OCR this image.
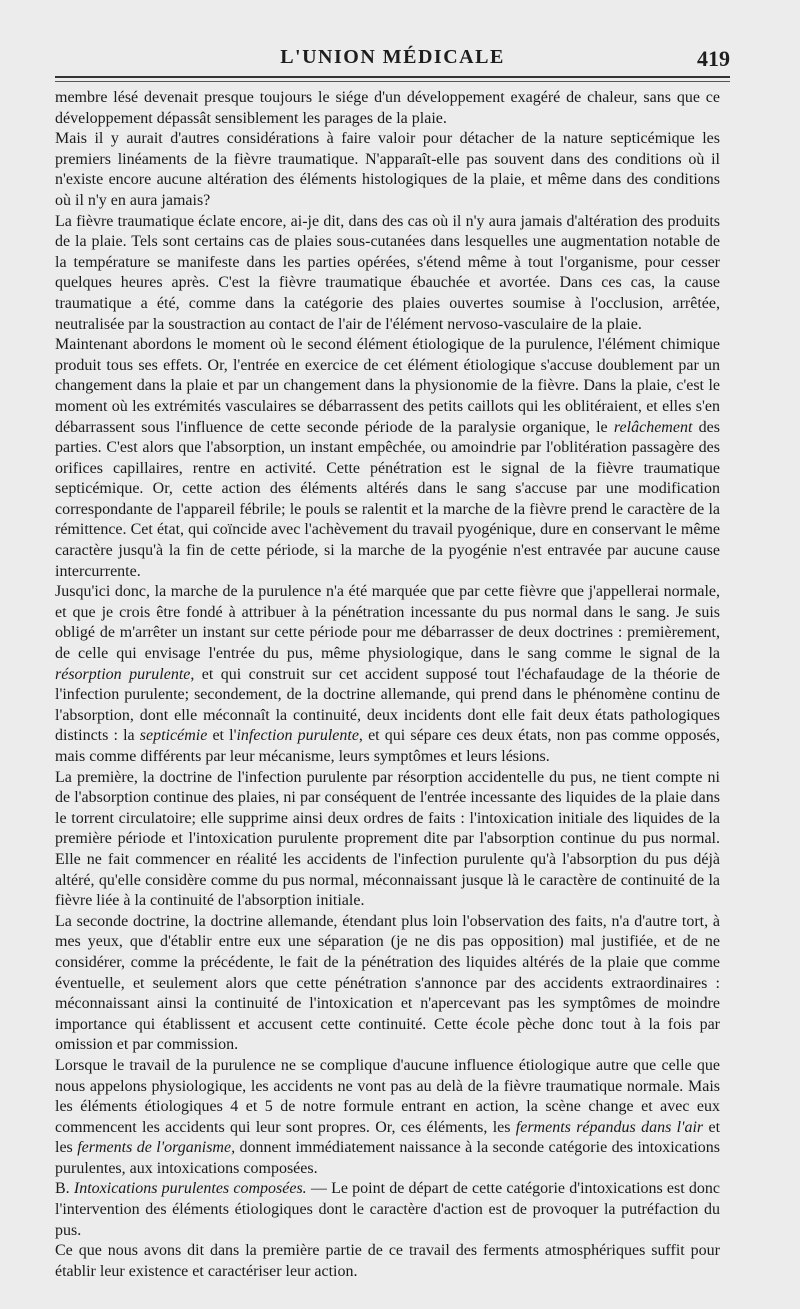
L'UNION MÉDICALE	419

membre lésé devenait presque toujours le siége d'un développement exagéré de chaleur, sans que ce développement dépassât sensiblement les parages de la plaie.

Mais il y aurait d'autres considérations à faire valoir pour détacher de la nature septicémique les premiers linéaments de la fièvre traumatique. N'apparaît-elle pas souvent dans des conditions où il n'existe encore aucune altération des éléments histologiques de la plaie, et même dans des conditions où il n'y en aura jamais?

La fièvre traumatique éclate encore, ai-je dit, dans des cas où il n'y aura jamais d'altération des produits de la plaie. Tels sont certains cas de plaies sous-cutanées dans lesquelles une augmentation notable de la température se manifeste dans les parties opérées, s'étend même à tout l'organisme, pour cesser quelques heures après. C'est la fièvre traumatique ébauchée et avortée. Dans ces cas, la cause traumatique a été, comme dans la catégorie des plaies ouvertes soumise à l'occlusion, arrêtée, neutralisée par la soustraction au contact de l'air de l'élément nervoso-vasculaire de la plaie.

Maintenant abordons le moment où le second élément étiologique de la purulence, l'élément chimique produit tous ses effets. Or, l'entrée en exercice de cet élément étiologique s'accuse doublement par un changement dans la plaie et par un changement dans la physionomie de la fièvre. Dans la plaie, c'est le moment où les extrémités vasculaires se débarrassent des petits caillots qui les oblitéraient, et elles s'en débarrassent sous l'influence de cette seconde période de la paralysie organique, le relâchement des parties. C'est alors que l'absorption, un instant empêchée, ou amoindrie par l'oblitération passagère des orifices capillaires, rentre en activité. Cette pénétration est le signal de la fièvre traumatique septicémique. Or, cette action des éléments altérés dans le sang s'accuse par une modification correspondante de l'appareil fébrile; le pouls se ralentit et la marche de la fièvre prend le caractère de la rémittence. Cet état, qui coïncide avec l'achèvement du travail pyogénique, dure en conservant le même caractère jusqu'à la fin de cette période, si la marche de la pyogénie n'est entravée par aucune cause intercurrente.

Jusqu'ici donc, la marche de la purulence n'a été marquée que par cette fièvre que j'appellerai normale, et que je crois être fondé à attribuer à la pénétration incessante du pus normal dans le sang. Je suis obligé de m'arrêter un instant sur cette période pour me débarrasser de deux doctrines : premièrement, de celle qui envisage l'entrée du pus, même physiologique, dans le sang comme le signal de la résorption purulente, et qui construit sur cet accident supposé tout l'échafaudage de la théorie de l'infection purulente; secondement, de la doctrine allemande, qui prend dans le phénomène continu de l'absorption, dont elle méconnaît la continuité, deux incidents dont elle fait deux états pathologiques distincts : la septicémie et l'infection purulente, et qui sépare ces deux états, non pas comme opposés, mais comme différents par leur mécanisme, leurs symptômes et leurs lésions.

La première, la doctrine de l'infection purulente par résorption accidentelle du pus, ne tient compte ni de l'absorption continue des plaies, ni par conséquent de l'entrée incessante des liquides de la plaie dans le torrent circulatoire; elle supprime ainsi deux ordres de faits : l'intoxication initiale des liquides de la première période et l'intoxication purulente proprement dite par l'absorption continue du pus normal. Elle ne fait commencer en réalité les accidents de l'infection purulente qu'à l'absorption du pus déjà altéré, qu'elle considère comme du pus normal, méconnaissant jusque là le caractère de continuité de la fièvre liée à la continuité de l'absorption initiale.

La seconde doctrine, la doctrine allemande, étendant plus loin l'observation des faits, n'a d'autre tort, à mes yeux, que d'établir entre eux une séparation (je ne dis pas opposition) mal justifiée, et de ne considérer, comme la précédente, le fait de la pénétration des liquides altérés de la plaie que comme éventuelle, et seulement alors que cette pénétration s'annonce par des accidents extraordinaires : méconnaissant ainsi la continuité de l'intoxication et n'apercevant pas les symptômes de moindre importance qui établissent et accusent cette continuité. Cette école pèche donc tout à la fois par omission et par commission.

Lorsque le travail de la purulence ne se complique d'aucune influence étiologique autre que celle que nous appelons physiologique, les accidents ne vont pas au delà de la fièvre traumatique normale. Mais les éléments étiologiques 4 et 5 de notre formule entrant en action, la scène change et avec eux commencent les accidents qui leur sont propres. Or, ces éléments, les ferments répandus dans l'air et les ferments de l'organisme, donnent immédiatement naissance à la seconde catégorie des intoxications purulentes, aux intoxications composées.

B. Intoxications purulentes composées. — Le point de départ de cette catégorie d'intoxications est donc l'intervention des éléments étiologiques dont le caractère d'action est de provoquer la putréfaction du pus.

Ce que nous avons dit dans la première partie de ce travail des ferments atmosphériques suffit pour établir leur existence et caractériser leur action.
